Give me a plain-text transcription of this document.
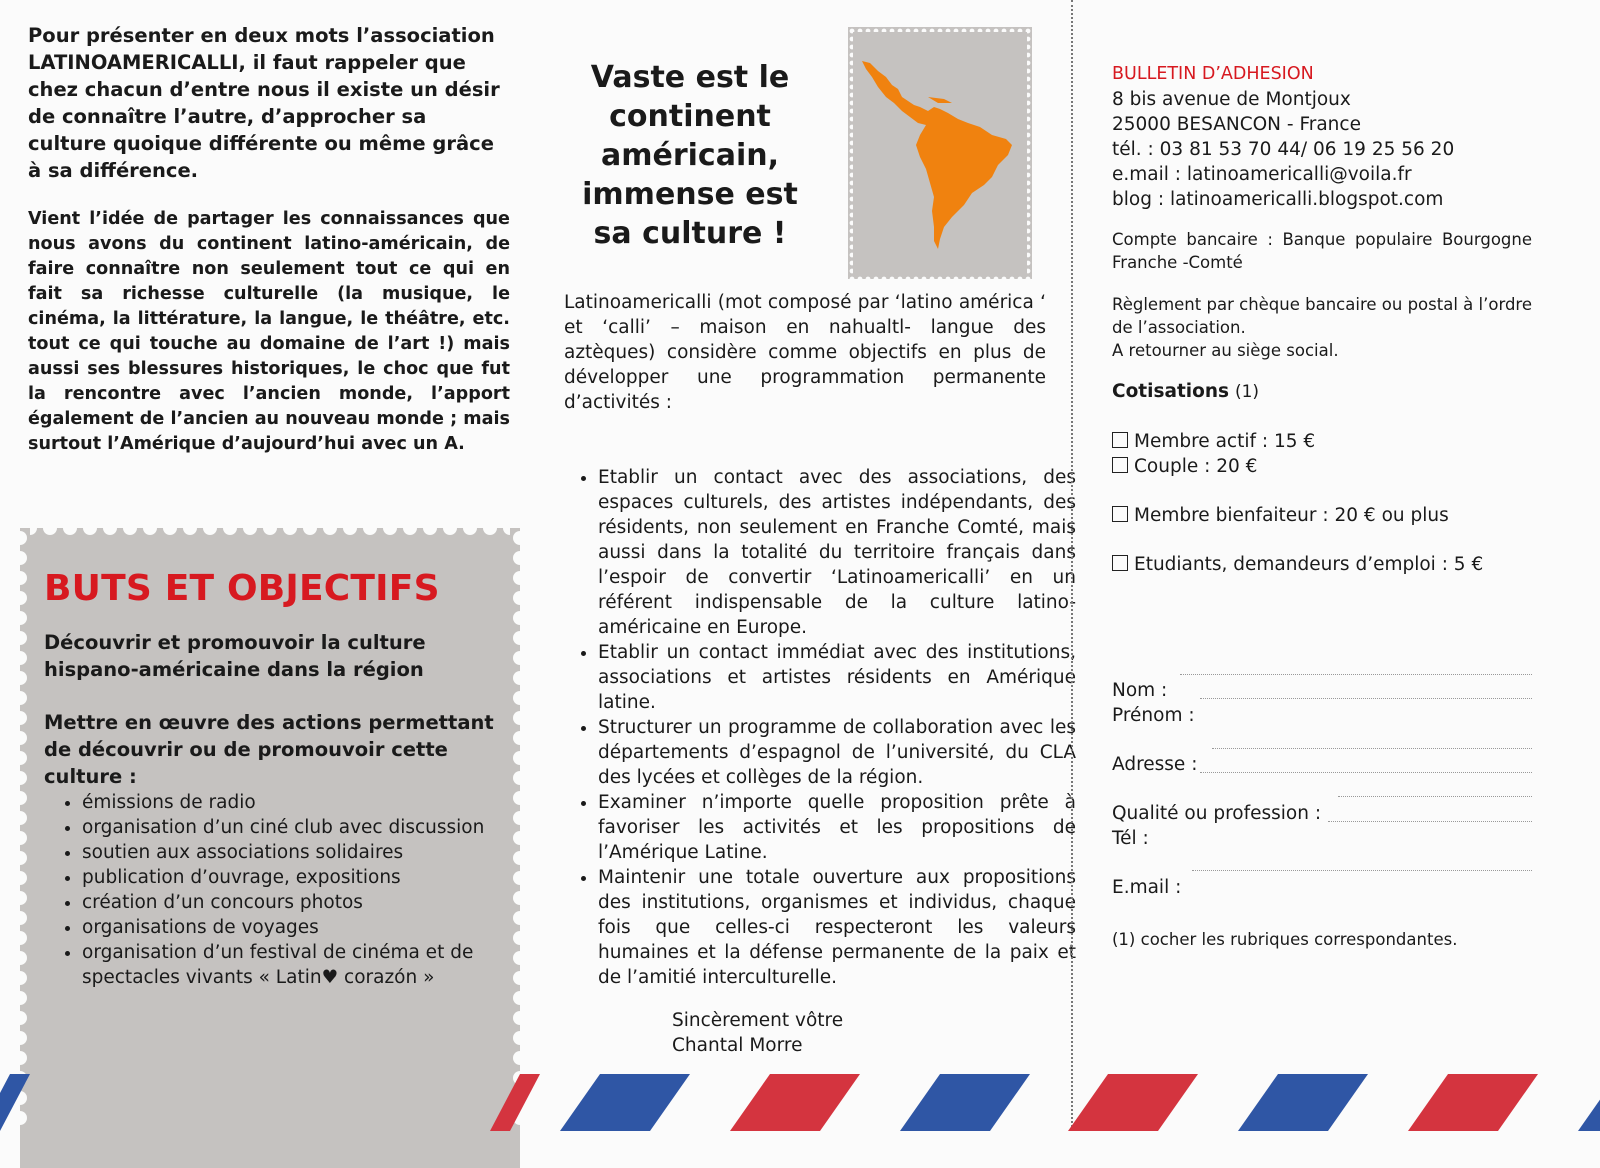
Pour présenter en deux mots l’association LATINOAMERICALLI, il faut rappeler que chez chacun d’entre nous il existe un désir de connaître l’autre, d’approcher sa culture quoique différente ou même grâce à sa différence.

Vient l’idée de partager les connaissances que nous avons du continent latino-américain, de faire connaître non seulement tout ce qui en fait sa richesse culturelle (la musique, le cinéma, la littérature, la langue, le théâtre, etc. tout ce qui touche au domaine de l’art !) mais aussi ses blessures historiques, le choc que fut la rencontre avec l’ancien monde, l’apport également de l’ancien au nouveau monde ; mais surtout l’Amérique d’aujourd’hui avec un A.

BUTS ET OBJECTIFS

Découvrir et promouvoir la culture hispano-américaine dans la région

Mettre en œuvre des actions permettant de découvrir ou de promouvoir cette culture :

• émissions de radio
• organisation d’un ciné club avec discussion
• soutien aux associations solidaires
• publication d’ouvrage, expositions
• création d’un concours photos
• organisations de voyages
• organisation d’un festival de cinéma et de spectacles vivants « Latin♥ corazón »
Vaste est le continent américain, immense est sa culture !

Latinoamericalli (mot composé par ‘latino américa ‘ et ‘calli’ – maison en nahualtl- langue des aztèques) considère comme objectifs en plus de développer une programmation permanente d’activités :

• Etablir un contact avec des associations, des espaces culturels, des artistes indépendants, des résidents, non seulement en Franche Comté, mais aussi dans la totalité du territoire français dans l’espoir de convertir ‘Latinoamericalli’ en un référent indispensable de la culture latino-américaine en Europe.
• Etablir un contact immédiat avec des institutions, associations et artistes résidents en Amérique latine.
• Structurer un programme de collaboration avec les départements d’espagnol de l’université, du CLA des lycées et collèges de la région.
• Examiner n’importe quelle proposition prête à favoriser les activités et les propositions de l’Amérique Latine.
• Maintenir une totale ouverture aux propositions des institutions, organismes et individus, chaque fois que celles-ci respecteront les valeurs humaines et la défense permanente de la paix et de l’amitié interculturelle.
Sincèrement vôtre
Chantal Morre

BULLETIN D’ADHESION

8 bis avenue de Montjoux

25000 BESANCON - France

tél. : 03 81 53 70 44/ 06 19 25 56 20

e.mail : latinoamericalli@voila.fr

blog : latinoamericalli.blogspot.com

Compte bancaire : Banque populaire Bourgogne Franche -Comté

Règlement par chèque bancaire ou postal à l’ordre de l’association.
A retourner au siège social.

Cotisations (1)

Membre actif : 15 €

Couple : 20 €

Membre bienfaiteur : 20 € ou plus

Etudiants, demandeurs d’emploi : 5 €

Nom :
Prénom :
Adresse :
Qualité ou profession :
Tél :
E.mail :
(1) cocher les rubriques correspondantes.
